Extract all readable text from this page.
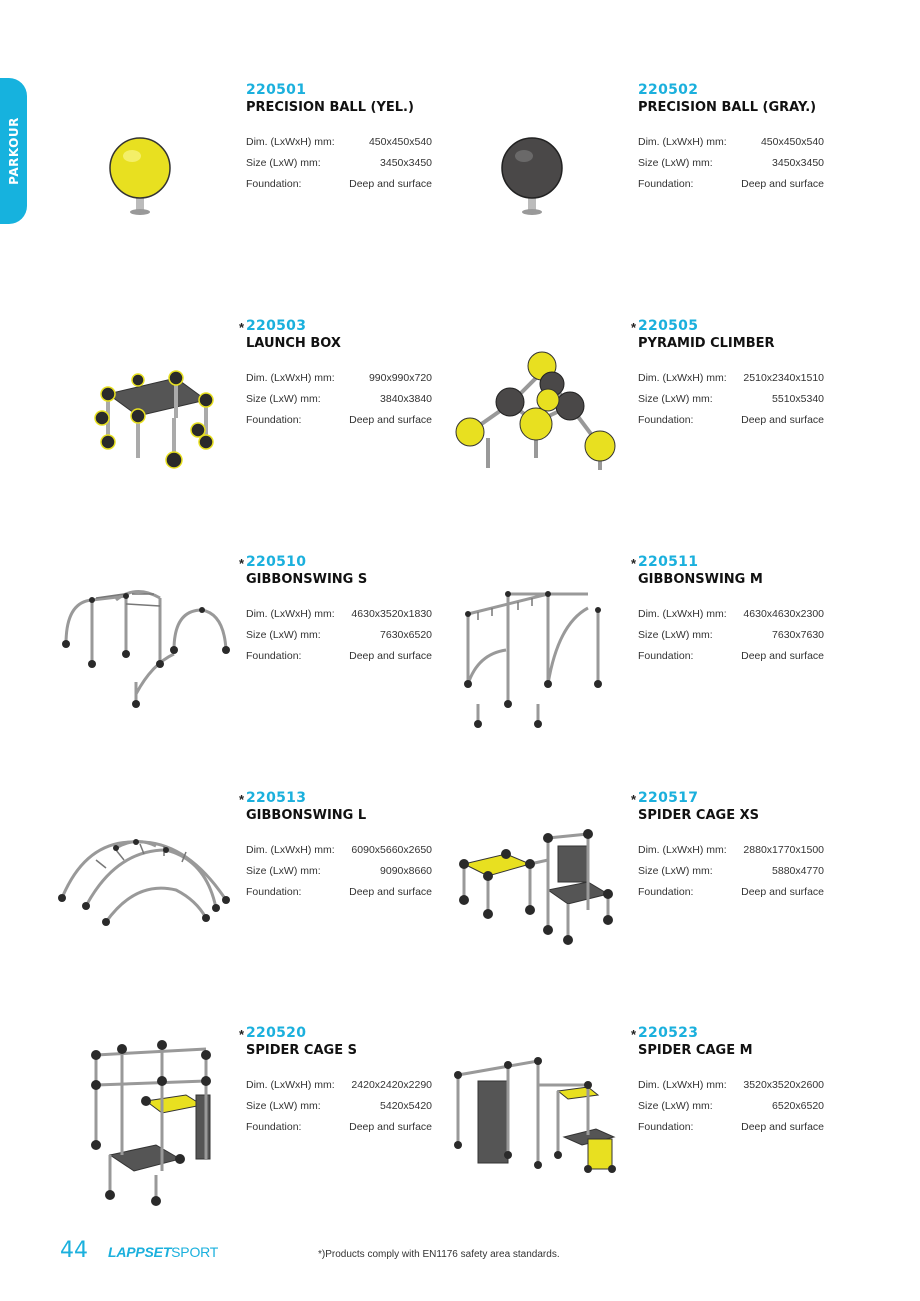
PARKOUR
220501
PRECISION BALL (YEL.)
Dim. (LxWxH) mm:	450x450x540
Size (LxW) mm:	3450x3450
Foundation:	Deep and surface
220502
PRECISION BALL (GRAY.)
Dim. (LxWxH) mm:	450x450x540
Size (LxW) mm:	3450x3450
Foundation:	Deep and surface
* 220503
LAUNCH BOX
Dim. (LxWxH) mm:	990x990x720
Size (LxW) mm:	3840x3840
Foundation:	Deep and surface
* 220505
PYRAMID CLIMBER
Dim. (LxWxH) mm: 2510x2340x1510
Size (LxW) mm:	5510x5340
Foundation:	Deep and surface
* 220510
GIBBONSWING S
Dim. (LxWxH) mm: 4630x3520x1830
Size (LxW) mm:	7630x6520
Foundation:	Deep and surface
* 220511
GIBBONSWING M
Dim. (LxWxH) mm: 4630x4630x2300
Size (LxW) mm:	7630x7630
Foundation:	Deep and surface
* 220513
GIBBONSWING L
Dim. (LxWxH) mm: 6090x5660x2650
Size (LxW) mm:	9090x8660
Foundation:	Deep and surface
* 220517
SPIDER CAGE XS
Dim. (LxWxH) mm: 2880x1770x1500
Size (LxW) mm:	5880x4770
Foundation:	Deep and surface
* 220520
SPIDER CAGE S
Dim. (LxWxH) mm: 2420x2420x2290
Size (LxW) mm:	5420x5420
Foundation:	Deep and surface
* 220523
SPIDER CAGE M
Dim. (LxWxH) mm: 3520x3520x2600
Size (LxW) mm:	6520x6520
Foundation:	Deep and surface
44 LAPPSETSPORT	*)Products comply with EN1176 safety area standards.
